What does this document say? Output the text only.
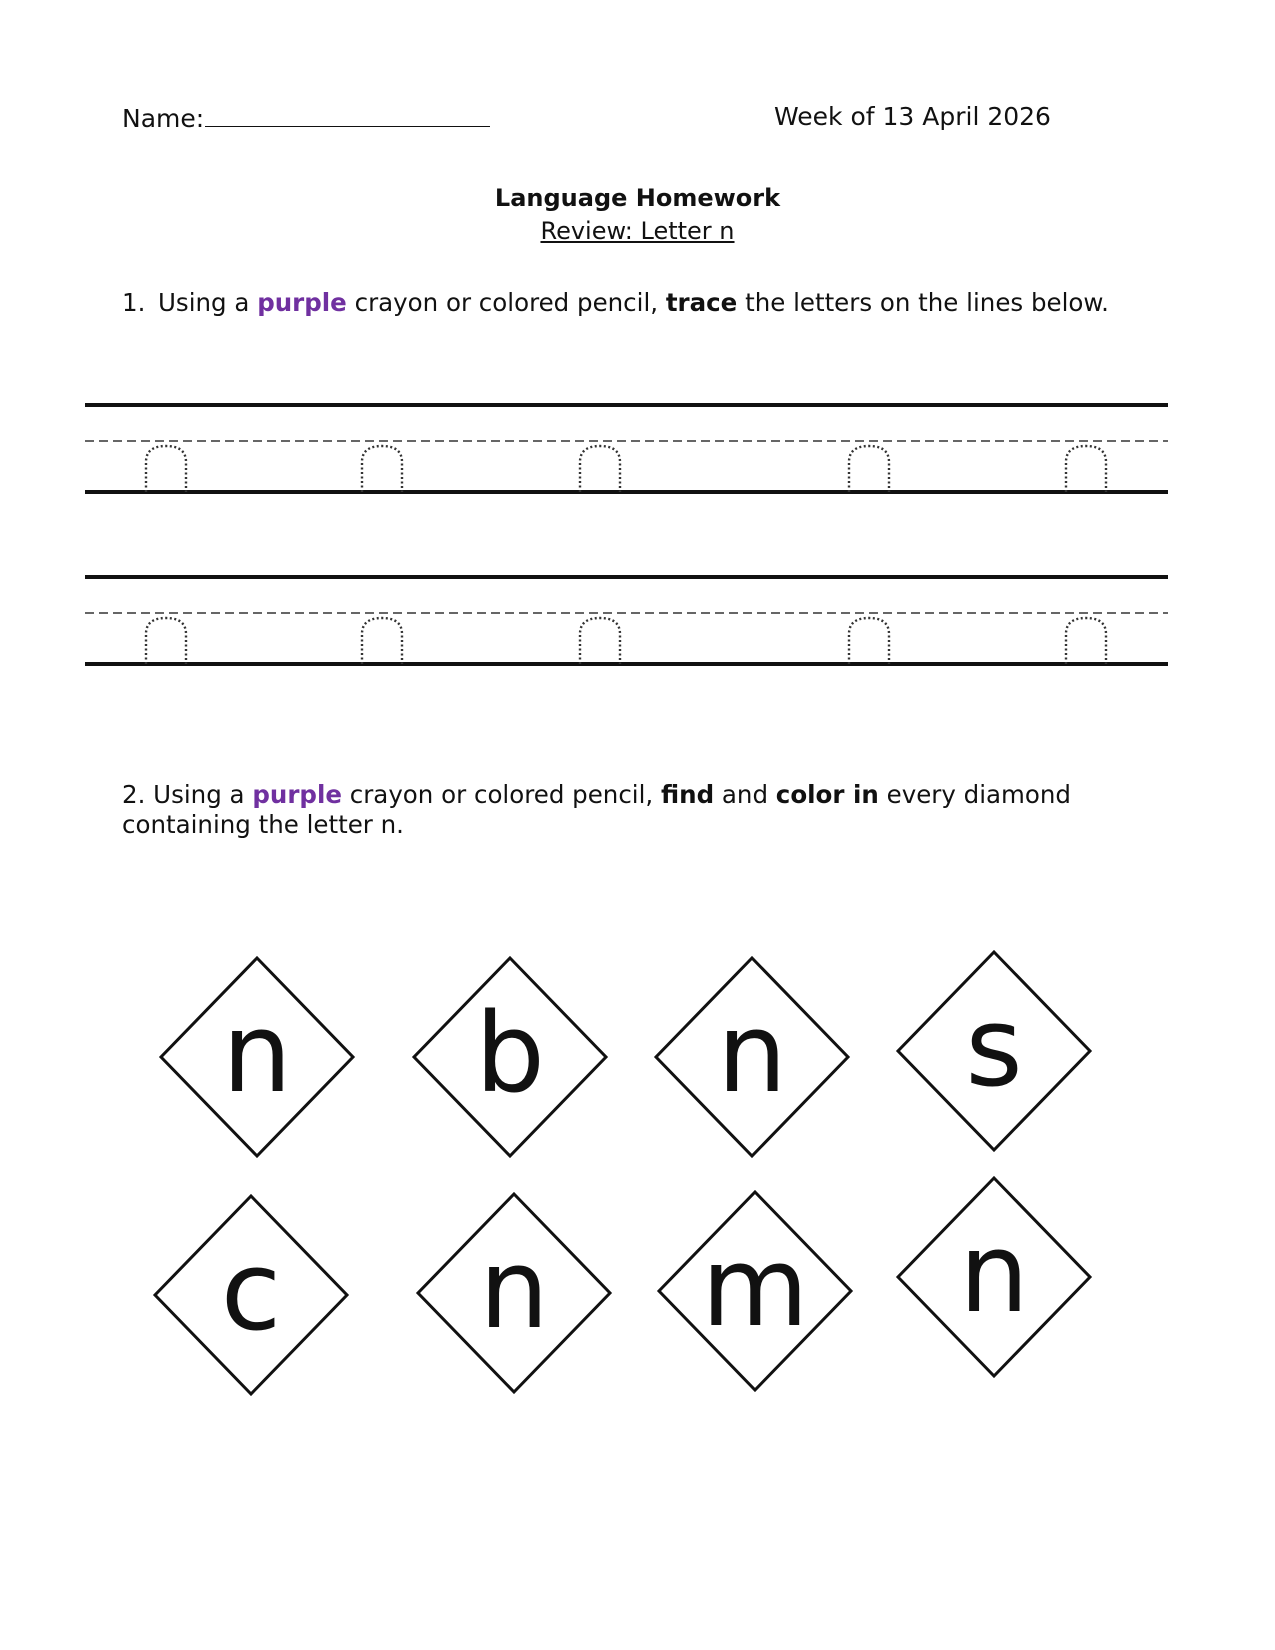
Name:	Week of 13 April 2026
Language Homework
Review: Letter n
1. Using a purple crayon or colored pencil, trace the letters on the lines below.
2. Using a purple crayon or colored pencil, find and color in every diamond containing the letter n.
n b n s
c n m n
